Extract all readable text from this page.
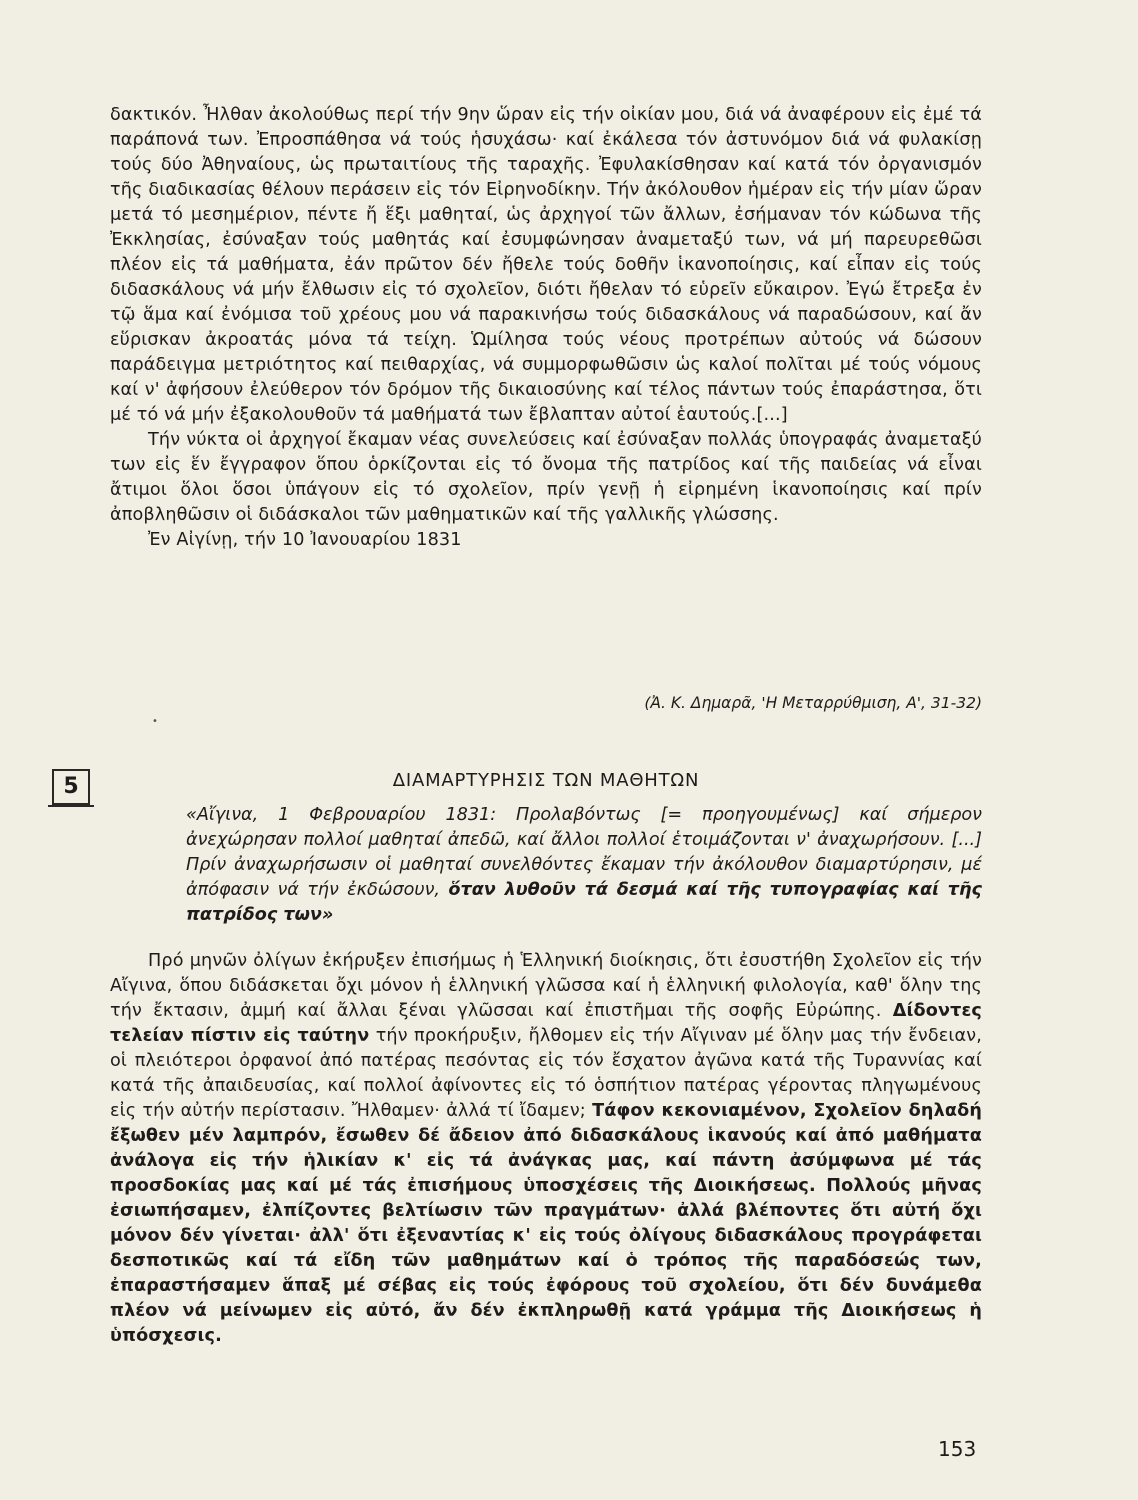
δακτικόν. Ἦλθαν ἀκολούθως περί τήν 9ην ὥραν εἰς τήν οἰκίαν μου, διά νά ἀναφέρουν εἰς ἐμέ τά παράπονά των. Ἐπροσπάθησα νά τούς ἡσυχάσω· καί ἐκάλεσα τόν ἀστυνόμον διά νά φυλακίσῃ τούς δύο Ἀθηναίους, ὡς πρωταιτίους τῆς ταραχῆς. Ἐφυλακίσθησαν καί κατά τόν ὀργανισμόν τῆς διαδικασίας θέλουν περάσειν εἰς τόν Εἰρηνοδίκην. Τήν ἀκόλουθον ἡμέραν εἰς τήν μίαν ὥραν μετά τό μεσημέριον, πέντε ἤ ἕξι μαθηταί, ὡς ἀρχηγοί τῶν ἄλλων, ἐσήμαναν τόν κώδωνα τῆς Ἐκκλησίας, ἐσύναξαν τούς μαθητάς καί ἐσυμφώνησαν ἀναμεταξύ των, νά μή παρευρεθῶσι πλέον εἰς τά μαθήματα, ἐάν πρῶτον δέν ἤθελε τούς δοθῆν ἱκανοποίησις, καί εἶπαν εἰς τούς διδασκάλους νά μήν ἔλθωσιν εἰς τό σχολεῖον, διότι ἤθελαν τό εὑρεῖν εὔκαιρον. Ἐγώ ἔτρεξα ἐν τῷ ἅμα καί ἐνόμισα τοῦ χρέους μου νά παρακινήσω τούς διδασκάλους νά παραδώσουν, καί ἄν εὕρισκαν ἀκροατάς μόνα τά τείχη. Ὡμίλησα τούς νέους προτρέπων αὐτούς νά δώσουν παράδειγμα μετριότητος καί πειθαρχίας, νά συμμορφωθῶσιν ὡς καλοί πολῖται μέ τούς νόμους καί ν' ἀφήσουν ἐλεύθερον τόν δρόμον τῆς δικαιοσύνης καί τέλος πάντων τούς ἐπαράστησα, ὅτι μέ τό νά μήν ἐξακολουθοῦν τά μαθήματά των ἔβλαπταν αὐτοί ἑαυτούς.[...]

Τήν νύκτα οἱ ἀρχηγοί ἔκαμαν νέας συνελεύσεις καί ἐσύναξαν πολλάς ὑπογραφάς ἀναμεταξύ των εἰς ἕν ἔγγραφον ὅπου ὁρκίζονται εἰς τό ὄνομα τῆς πατρίδος καί τῆς παιδείας νά εἶναι ἄτιμοι ὅλοι ὅσοι ὑπάγουν εἰς τό σχολεῖον, πρίν γενῇ ἡ εἰρημένη ἱκανοποίησις καί πρίν ἀποβληθῶσιν οἱ διδάσκαλοι τῶν μαθηματικῶν καί τῆς γαλλικῆς γλώσσης.

Ἐν Αἰγίνῃ, τήν 10 Ἰανουαρίου 1831

(Ἀ. Κ. Δημαρᾶ, 'Η Μεταρρύθμιση, Α', 31-32)
•
5	ΔΙΑΜΑΡΤΥΡΗΣΙΣ ΤΩΝ ΜΑΘΗΤΩΝ

«Αἴγινα, 1 Φεβρουαρίου 1831: Προλαβόντως [= προηγουμένως] καί σήμερον ἀνεχώρησαν πολλοί μαθηταί ἀπεδῶ, καί ἄλλοι πολλοί ἑτοιμάζονται ν' ἀναχωρήσουν. [...] Πρίν ἀναχωρήσωσιν οἱ μαθηταί συνελθόντες ἔκαμαν τήν ἀκόλουθον διαμαρτύρησιν, μέ ἀπόφασιν νά τήν ἐκδώσουν, ὅταν λυθοῦν τά δεσμά καί τῆς τυπογραφίας καί τῆς πατρίδος των»

Πρό μηνῶν ὀλίγων ἐκήρυξεν ἐπισήμως ἡ Ἑλληνική διοίκησις, ὅτι ἐσυστήθη Σχολεῖον εἰς τήν Αἴγινα, ὅπου διδάσκεται ὄχι μόνον ἡ ἑλληνική γλῶσσα καί ἡ ἑλληνική φιλολογία, καθ' ὅλην της τήν ἔκτασιν, ἀμμή καί ἄλλαι ξέναι γλῶσσαι καί ἐπιστῆμαι τῆς σοφῆς Εὐρώπης. Δίδοντες τελείαν πίστιν εἰς ταύτην τήν προκήρυξιν, ἤλθομεν εἰς τήν Αἴγιναν μέ ὅλην μας τήν ἔνδειαν, οἱ πλειότεροι ὀρφανοί ἀπό πατέρας πεσόντας εἰς τόν ἔσχατον ἀγῶνα κατά τῆς Τυραννίας καί κατά τῆς ἀπαιδευσίας, καί πολλοί ἀφίνοντες εἰς τό ὁσπήτιον πατέρας γέροντας πληγωμένους εἰς τήν αὐτήν περίστασιν. Ἤλθαμεν· ἀλλά τί ἴδαμεν; Τάφον κεκονιαμένον, Σχολεῖον δηλαδή ἔξωθεν μέν λαμπρόν, ἔσωθεν δέ ἄδειον ἀπό διδασκάλους ἱκανούς καί ἀπό μαθήματα ἀνάλογα εἰς τήν ἡλικίαν κ' εἰς τά ἀνάγκας μας, καί πάντη ἀσύμφωνα μέ τάς προσδοκίας μας καί μέ τάς ἐπισήμους ὑποσχέσεις τῆς Διοικήσεως. Πολλούς μῆνας ἐσιωπήσαμεν, ἐλπίζοντες βελτίωσιν τῶν πραγμάτων· ἀλλά βλέποντες ὅτι αὐτή ὄχι μόνον δέν γίνεται· ἀλλ' ὅτι ἐξεναντίας κ' εἰς τούς ὀλίγους διδασκάλους προγράφεται δεσποτικῶς καί τά εἴδη τῶν μαθημάτων καί ὁ τρόπος τῆς παραδόσεώς των, ἐπαραστήσαμεν ἅπαξ μέ σέβας εἰς τούς ἐφόρους τοῦ σχολείου, ὅτι δέν δυνάμεθα πλέον νά μείνωμεν εἰς αὐτό, ἄν δέν ἐκπληρωθῇ κατά γράμμα τῆς Διοικήσεως ἡ ὑπόσχεσις.

153
